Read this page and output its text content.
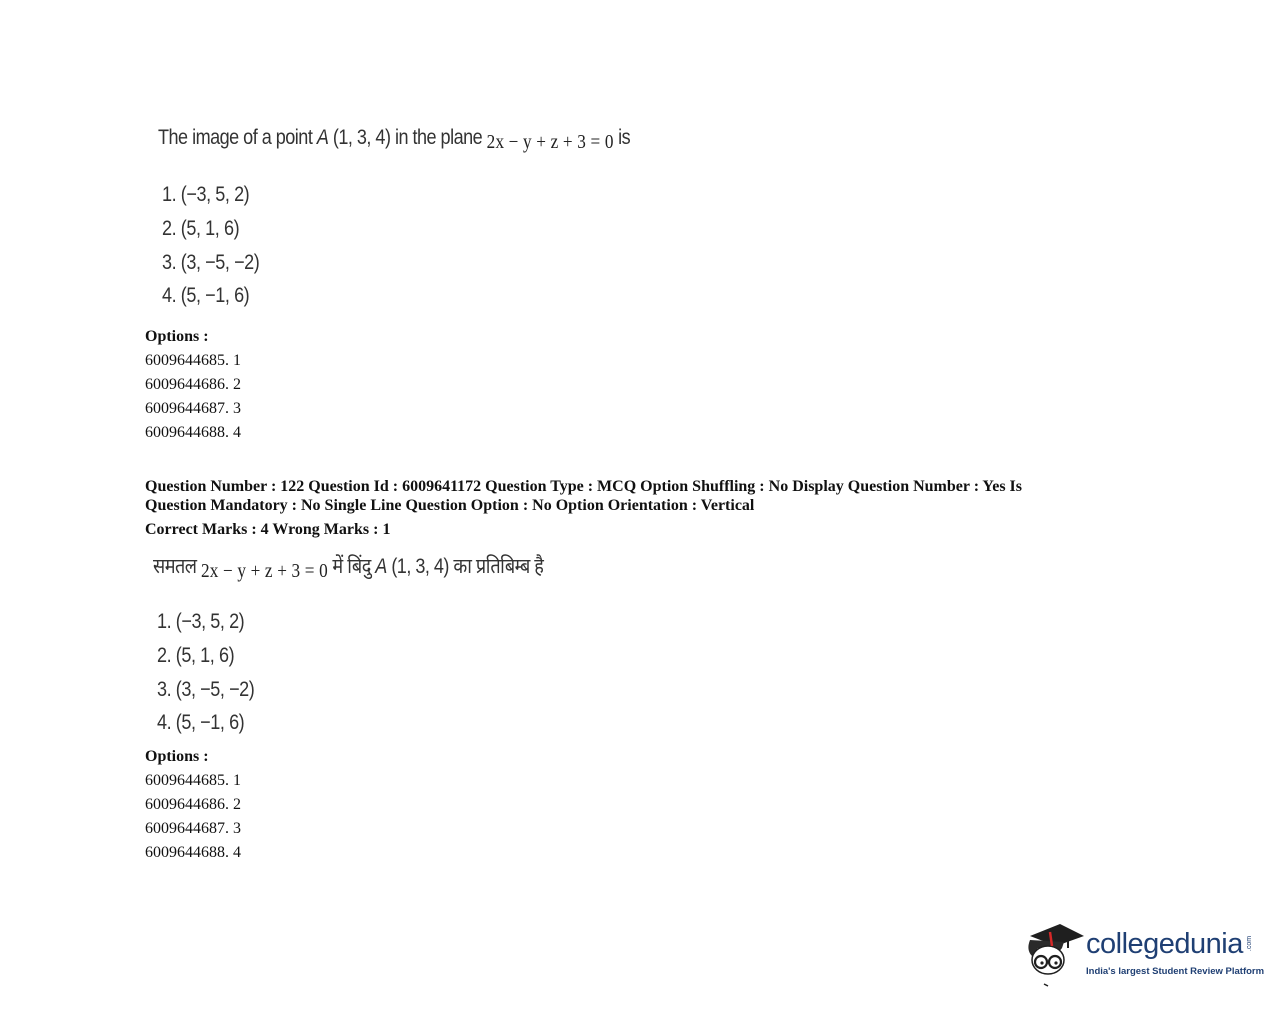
The image of a point A (1, 3, 4) in the plane 2x − y + z + 3 = 0 is
1. (−3, 5, 2)
2. (5, 1, 6)
3. (3, −5, −2)
4. (5, −1, 6)
Options :
6009644685. 1
6009644686. 2
6009644687. 3
6009644688. 4
Question Number : 122 Question Id : 6009641172 Question Type : MCQ Option Shuffling : No Display Question Number : Yes Is
Question Mandatory : No Single Line Question Option : No Option Orientation : Vertical
Correct Marks : 4 Wrong Marks : 1
समतल 2x − y + z + 3 = 0 में बिंदु A (1, 3, 4) का प्रतिबिम्ब है
1. (−3, 5, 2)
2. (5, 1, 6)
3. (3, −5, −2)
4. (5, −1, 6)
Options :
6009644685. 1
6009644686. 2
6009644687. 3
6009644688. 4
collegedunia .com
India's largest Student Review Platform
